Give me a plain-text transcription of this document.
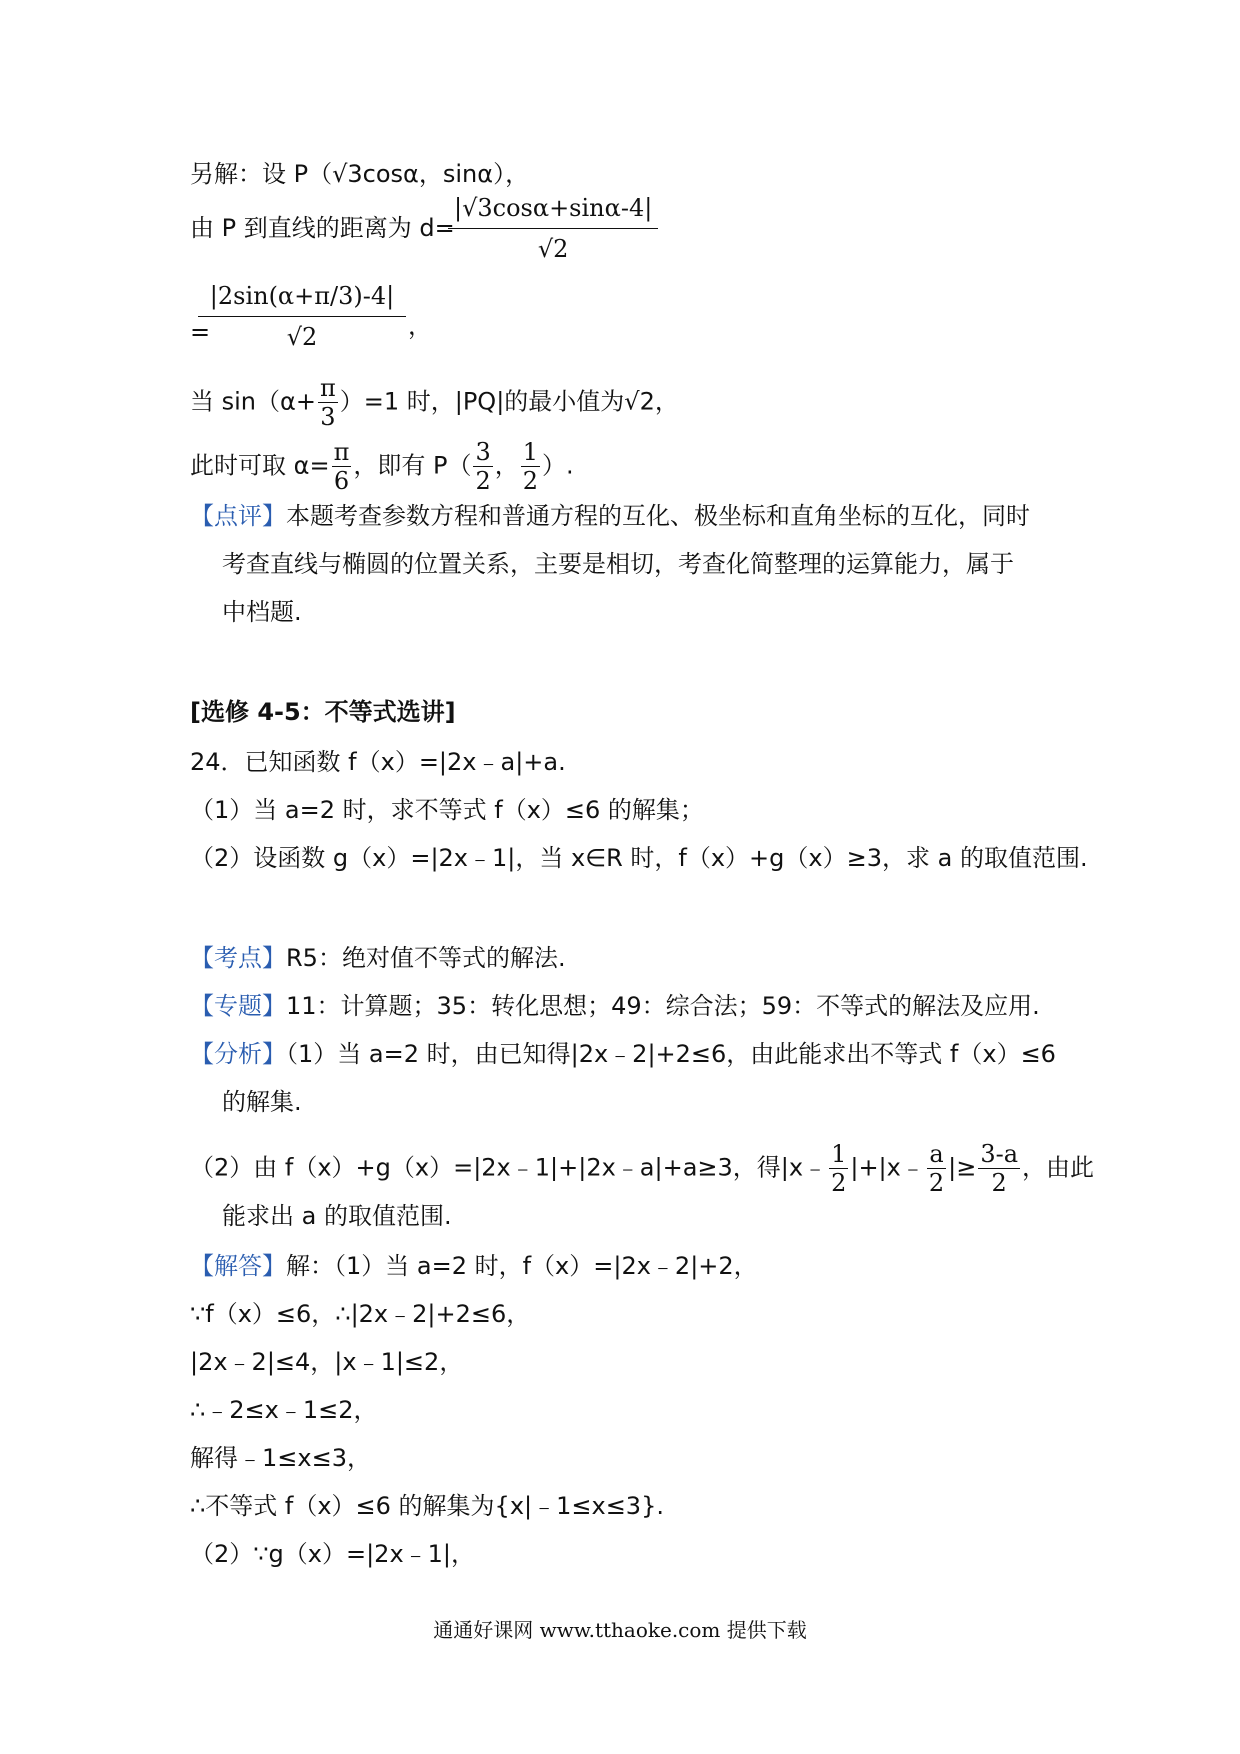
另解：设 P（√3cosα，sinα），
由 P 到直线的距离为 d=
$\frac{|√3\cos\alpha+\sin\alpha-4|}{√2}$
=
$\frac{|2\sin(\alpha+\pi/3)-4|}{√2}$ ，
当 $\sin(\alpha+ \frac{\pi}{3} )=1$ 时，|PQ|的最小值为√2，
此时可取 $\alpha= \frac{\pi}{6}$ ，即有 $P( \frac{3}{2}$ ， $\frac{1}{2}$ ）.
【点评】本题考查参数方程和普通方程的互化、极坐标和直角坐标的互化，同时
考查直线与椭圆的位置关系，主要是相切，考查化简整理的运算能力，属于
中档题.
[选修 4-5：不等式选讲]
24．已知函数 f（x）=|2x﹣a|+a.
（1）当 a=2 时，求不等式 f（x）≤6 的解集；
（2）设函数 g（x）=|2x﹣1|，当 x∈R 时，f（x）+g（x）≥3，求 a 的取值范围.
【考点】R5：绝对值不等式的解法.
【专题】11：计算题；35：转化思想；49：综合法；59：不等式的解法及应用.
【分析】（1）当 a=2 时，由已知得|2x﹣2|+2≤6，由此能求出不等式 f（x）≤6
的解集.
（2）由 f（x）+g（x）=|2x﹣1|+|2x﹣a|+a≥3，得|x﹣ $\frac{1}{2}$ |+|x﹣ $\frac{a}{2}$ |≥ $\frac{3-a}{2}$ ，由此
能求出 a 的取值范围.
【解答】解：（1）当 a=2 时，f（x）=|2x﹣2|+2，
∵f（x）≤6，∴|2x﹣2|+2≤6，
|2x﹣2|≤4，|x﹣1|≤2，
∴﹣2≤x﹣1≤2，
解得﹣1≤x≤3，
∴不等式 f（x）≤6 的解集为{x|﹣1≤x≤3}.
（2）∵g（x）=|2x﹣1|，
通通好课网 www.tthaoke.com 提供下载
